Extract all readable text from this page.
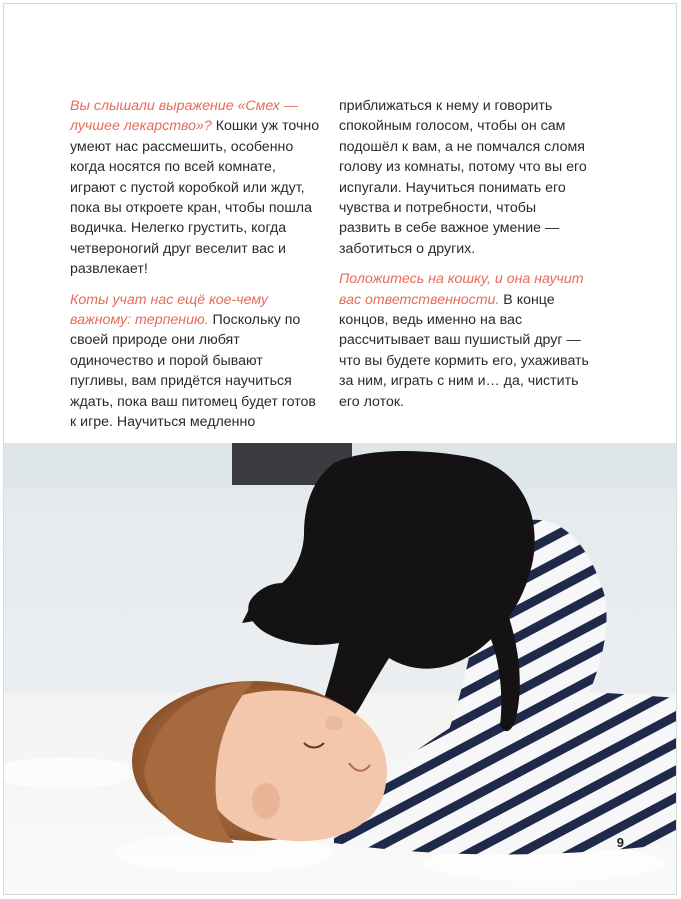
Вы слышали выражение «Смех — лучшее лекарство»? Кошки уж точно умеют нас рассмешить, особенно когда носятся по всей комнате, играют с пустой коробкой или ждут, пока вы откроете кран, чтобы пошла водичка. Нелегко грустить, когда четвероногий друг веселит вас и развлекает!

Коты учат нас ещё кое-чему важному: терпению. Поскольку по своей природе они любят одиночество и порой бывают пугливы, вам придётся научиться ждать, пока ваш питомец будет готов к игре. Научиться медленно

приближаться к нему и говорить спокойным голосом, чтобы он сам подошёл к вам, а не помчался сломя голову из комнаты, потому что вы его испугали. Научиться понимать его чувства и потребности, чтобы развить в себе важное умение — заботиться о других.

Положитесь на кошку, и она научит вас ответственности. В конце концов, ведь именно на вас рассчитывает ваш пушистый друг — что вы будете кормить его, ухаживать за ним, играть с ним и… да, чистить его лоток.

9
